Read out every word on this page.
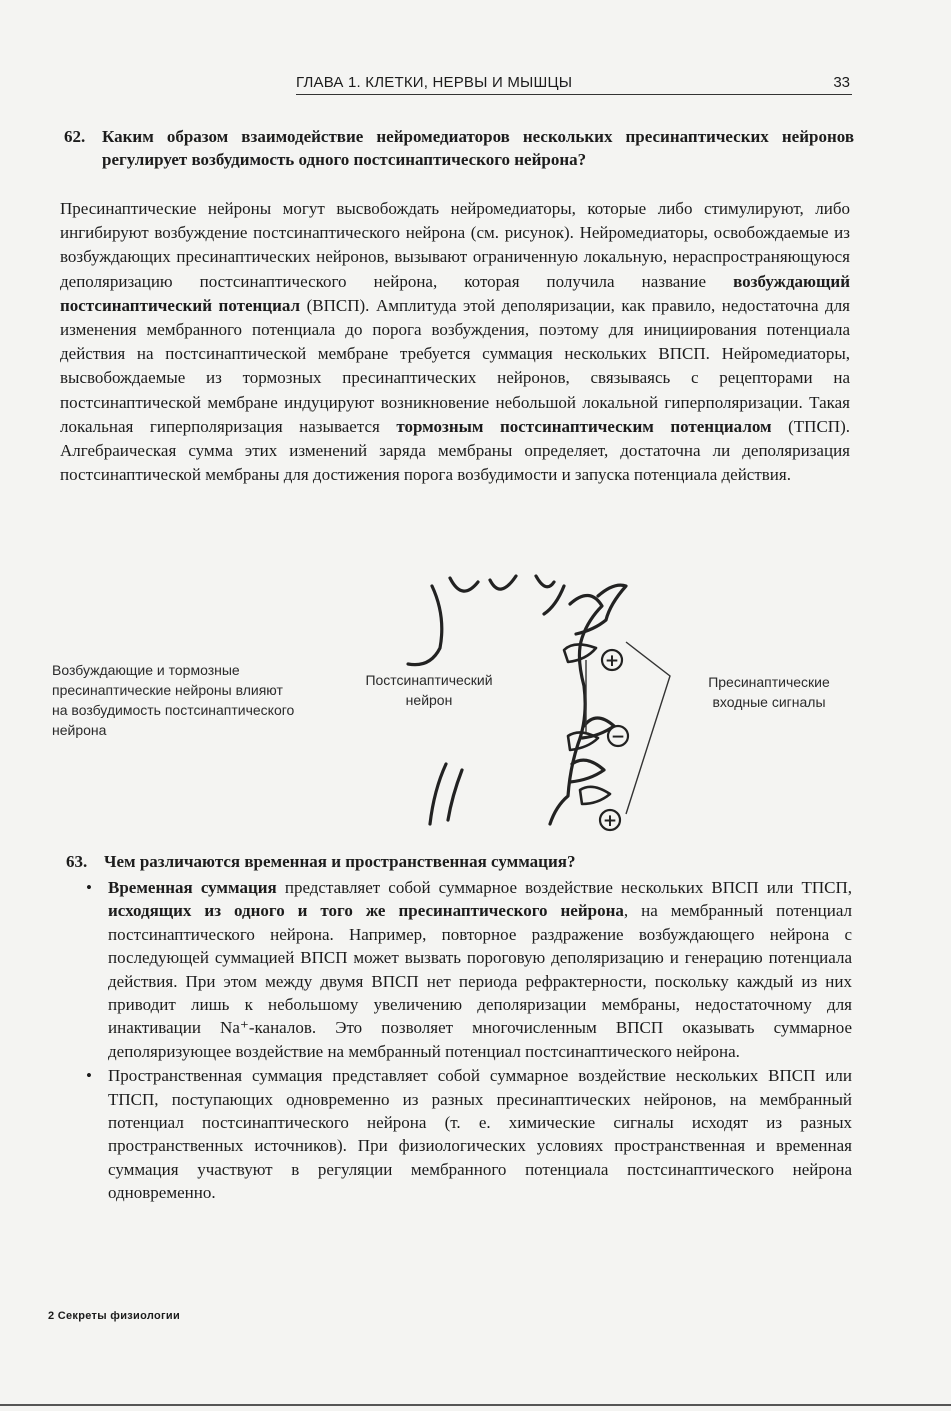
ГЛАВА 1. КЛЕТКИ, НЕРВЫ И МЫШЦЫ	33
62. Каким образом взаимодействие нейромедиаторов нескольких пресинаптических нейронов регулирует возбудимость одного постсинаптического нейрона?

Пресинаптические нейроны могут высвобождать нейромедиаторы, которые либо стимулируют, либо ингибируют возбуждение постсинаптического нейрона (см. рисунок). Нейромедиаторы, освобождаемые из возбуждающих пресинаптических нейронов, вызывают ограниченную локальную, нераспространяющуюся деполяризацию постсинаптического нейрона, которая получила название возбуждающий постсинаптический потенциал (ВПСП). Амплитуда этой деполяризации, как правило, недостаточна для изменения мембранного потенциала до порога возбуждения, поэтому для инициирования потенциала действия на постсинаптической мембране требуется суммация нескольких ВПСП. Нейромедиаторы, высвобождаемые из тормозных пресинаптических нейронов, связываясь с рецепторами на постсинаптической мембране индуцируют возникновение небольшой локальной гиперполяризации. Такая локальная гиперполяризация называется тормозным постсинаптическим потенциалом (ТПСП). Алгебраическая сумма этих изменений заряда мембраны определяет, достаточна ли деполяризация постсинаптической мембраны для достижения порога возбудимости и запуска потенциала действия.

Возбуждающие и тормозные пресинаптические нейроны влияют на возбудимость постсинаптического нейрона
Постсинаптический нейрон
Пресинаптические входные сигналы
+
−
+
63. Чем различаются временная и пространственная суммация?
• Временная суммация представляет собой суммарное воздействие нескольких ВПСП или ТПСП, исходящих из одного и того же пресинаптического нейрона, на мембранный потенциал постсинаптического нейрона. Например, повторное раздражение возбуждающего нейрона с последующей суммацией ВПСП может вызвать пороговую деполяризацию и генерацию потенциала действия. При этом между двумя ВПСП нет периода рефрактерности, поскольку каждый из них приводит лишь к небольшому увеличению деполяризации мембраны, недостаточному для инактивации Na⁺-каналов. Это позволяет многочисленным ВПСП оказывать суммарное деполяризующее воздействие на мембранный потенциал постсинаптического нейрона.
• Пространственная суммация представляет собой суммарное воздействие нескольких ВПСП или ТПСП, поступающих одновременно из разных пресинаптических нейронов, на мембранный потенциал постсинаптического нейрона (т. е. химические сигналы исходят из разных пространственных источников). При физиологических условиях пространственная и временная суммация участвуют в регуляции мембранного потенциала постсинаптического нейрона одновременно.
2 Секреты физиологии
